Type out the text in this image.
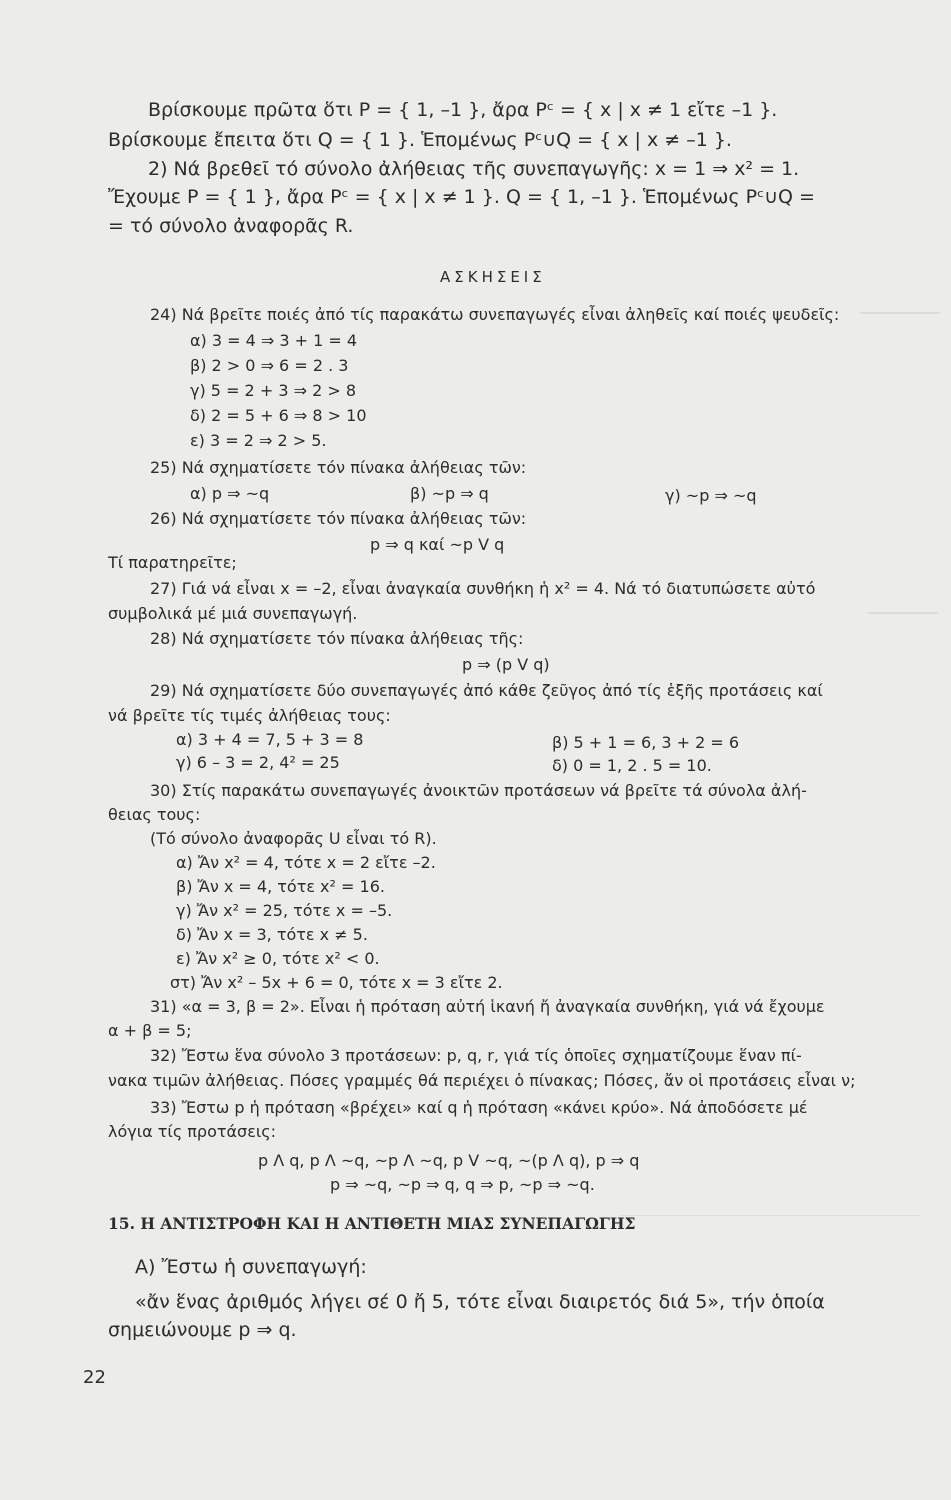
Βρίσκουμε πρῶτα ὅτι P = { 1, –1 }, ἄρα Pᶜ = { x | x ≠ 1 εἴτε –1 }.
Βρίσκουμε ἔπειτα ὅτι Q = { 1 }. Ἑπομένως Pᶜ∪Q = { x | x ≠ –1 }.
2) Νά βρεθεῖ τό σύνολο ἀλήθειας τῆς συνεπαγωγῆς: x = 1 ⇒ x² = 1.
Ἔχουμε P = { 1 }, ἄρα Pᶜ = { x | x ≠ 1 }. Q = { 1, –1 }. Ἑπομένως Pᶜ∪Q =
= τό σύνολο ἀναφορᾶς R.
ΑΣΚΗΣΕΙΣ
24) Νά βρεῖτε ποιές ἀπό τίς παρακάτω συνεπαγωγές εἶναι ἀληθεῖς καί ποιές ψευδεῖς:
α) 3 = 4 ⇒ 3 + 1 = 4
β) 2 > 0 ⇒ 6 = 2 . 3
γ) 5 = 2 + 3 ⇒ 2 > 8
δ) 2 = 5 + 6 ⇒ 8 > 10
ε) 3 = 2 ⇒ 2 > 5.
25) Νά σχηματίσετε τόν πίνακα ἀλήθειας τῶν:
α) p ⇒ ~q	β) ~p ⇒ q	γ) ~p ⇒ ~q
26) Νά σχηματίσετε τόν πίνακα ἀλήθειας τῶν:
p ⇒ q καί ~p V q
Τί παρατηρεῖτε;
27) Γιά νά εἶναι x = –2, εἶναι ἀναγκαία συνθήκη ἡ x² = 4. Νά τό διατυπώσετε αὐτό
συμβολικά μέ μιά συνεπαγωγή.
28) Νά σχηματίσετε τόν πίνακα ἀλήθειας τῆς:
p ⇒ (p V q)
29) Νά σχηματίσετε δύο συνεπαγωγές ἀπό κάθε ζεῦγος ἀπό τίς ἑξῆς προτάσεις καί
νά βρεῖτε τίς τιμές ἀλήθειας τους:
α) 3 + 4 = 7, 5 + 3 = 8	β) 5 + 1 = 6, 3 + 2 = 6
γ) 6 – 3 = 2, 4² = 25	δ) 0 = 1, 2 . 5 = 10.
30) Στίς παρακάτω συνεπαγωγές ἀνοικτῶν προτάσεων νά βρεῖτε τά σύνολα ἀλή-
θειας τους:
(Τό σύνολο ἀναφορᾶς U εἶναι τό R).
α) Ἄν x² = 4, τότε x = 2 εἴτε –2.
β) Ἄν x = 4, τότε x² = 16.
γ) Ἄν x² = 25, τότε x = –5.
δ) Ἄν x = 3, τότε x ≠ 5.
ε) Ἄν x² ≥ 0, τότε x² < 0.
στ) Ἄν x² – 5x + 6 = 0, τότε x = 3 εἴτε 2.
31) «α = 3, β = 2». Εἶναι ἡ πρόταση αὐτή ἱκανή ἤ ἀναγκαία συνθήκη, γιά νά ἔχουμε
α + β = 5;
32) Ἔστω ἕνα σύνολο 3 προτάσεων: p, q, r, γιά τίς ὁποῖες σχηματίζουμε ἕναν πί-
νακα τιμῶν ἀλήθειας. Πόσες γραμμές θά περιέχει ὁ πίνακας; Πόσες, ἄν οἱ προτάσεις εἶναι ν;
33) Ἔστω p ἡ πρόταση «βρέχει» καί q ἡ πρόταση «κάνει κρύο». Νά ἀποδόσετε μέ
λόγια τίς προτάσεις:
p Λ q, p Λ ~q, ~p Λ ~q, p V ~q, ~(p Λ q), p ⇒ q
p ⇒ ~q, ~p ⇒ q, q ⇒ p, ~p ⇒ ~q.
15. Η ΑΝΤΙΣΤΡΟΦΗ ΚΑΙ Η ΑΝΤΙΘΕΤΗ ΜΙΑΣ ΣΥΝΕΠΑΓΩΓΗΣ
Α) Ἔστω ἡ συνεπαγωγή:
«ἄν ἕνας ἀριθμός λήγει σέ 0 ἤ 5, τότε εἶναι διαιρετός διά 5», τήν ὁποία
σημειώνουμε p ⇒ q.
22
